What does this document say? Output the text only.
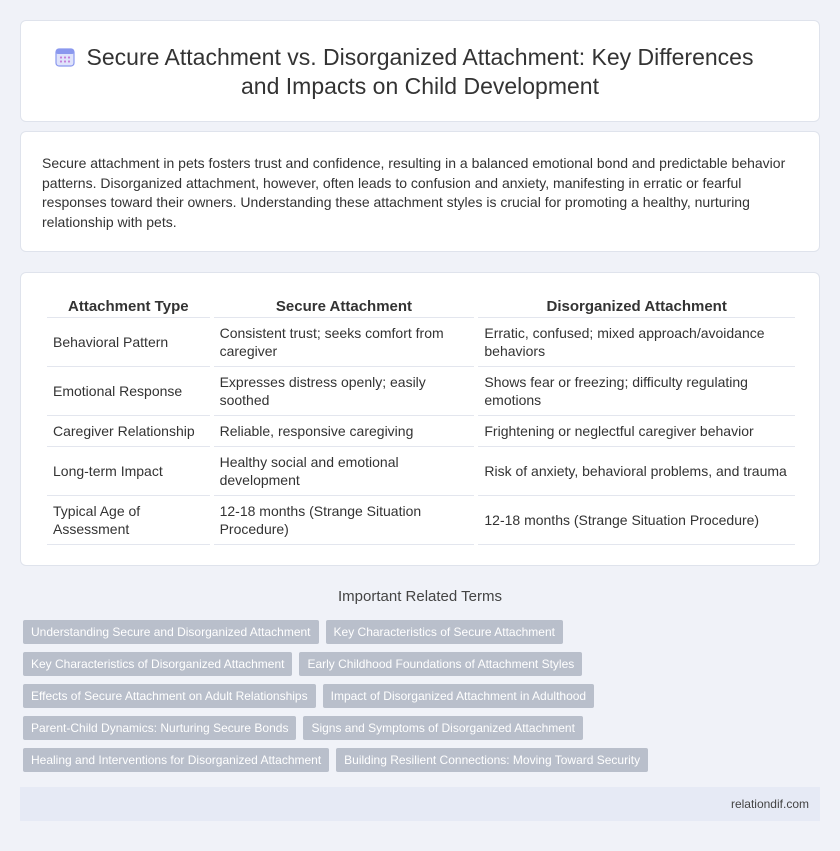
Secure Attachment vs. Disorganized Attachment: Key Differences
and Impacts on Child Development

Secure attachment in pets fosters trust and confidence, resulting in a balanced emotional bond and predictable behavior patterns. Disorganized attachment, however, often leads to confusion and anxiety, manifesting in erratic or fearful responses toward their owners. Understanding these attachment styles is crucial for promoting a healthy, nurturing relationship with pets.

Attachment Type	Secure Attachment	Disorganized Attachment
Behavioral Pattern	Consistent trust; seeks comfort from caregiver	Erratic, confused; mixed approach/avoidance behaviors
Emotional Response	Expresses distress openly; easily soothed	Shows fear or freezing; difficulty regulating emotions
Caregiver Relationship	Reliable, responsive caregiving	Frightening or neglectful caregiver behavior
Long-term Impact	Healthy social and emotional development	Risk of anxiety, behavioral problems, and trauma
Typical Age of Assessment	12-18 months (Strange Situation Procedure)	12-18 months (Strange Situation Procedure)
Important Related Terms
Understanding Secure and Disorganized Attachment	Key Characteristics of Secure Attachment
Key Characteristics of Disorganized Attachment	Early Childhood Foundations of Attachment Styles
Effects of Secure Attachment on Adult Relationships	Impact of Disorganized Attachment in Adulthood
Parent-Child Dynamics: Nurturing Secure Bonds	Signs and Symptoms of Disorganized Attachment
Healing and Interventions for Disorganized Attachment	Building Resilient Connections: Moving Toward Security
relationdif.com
